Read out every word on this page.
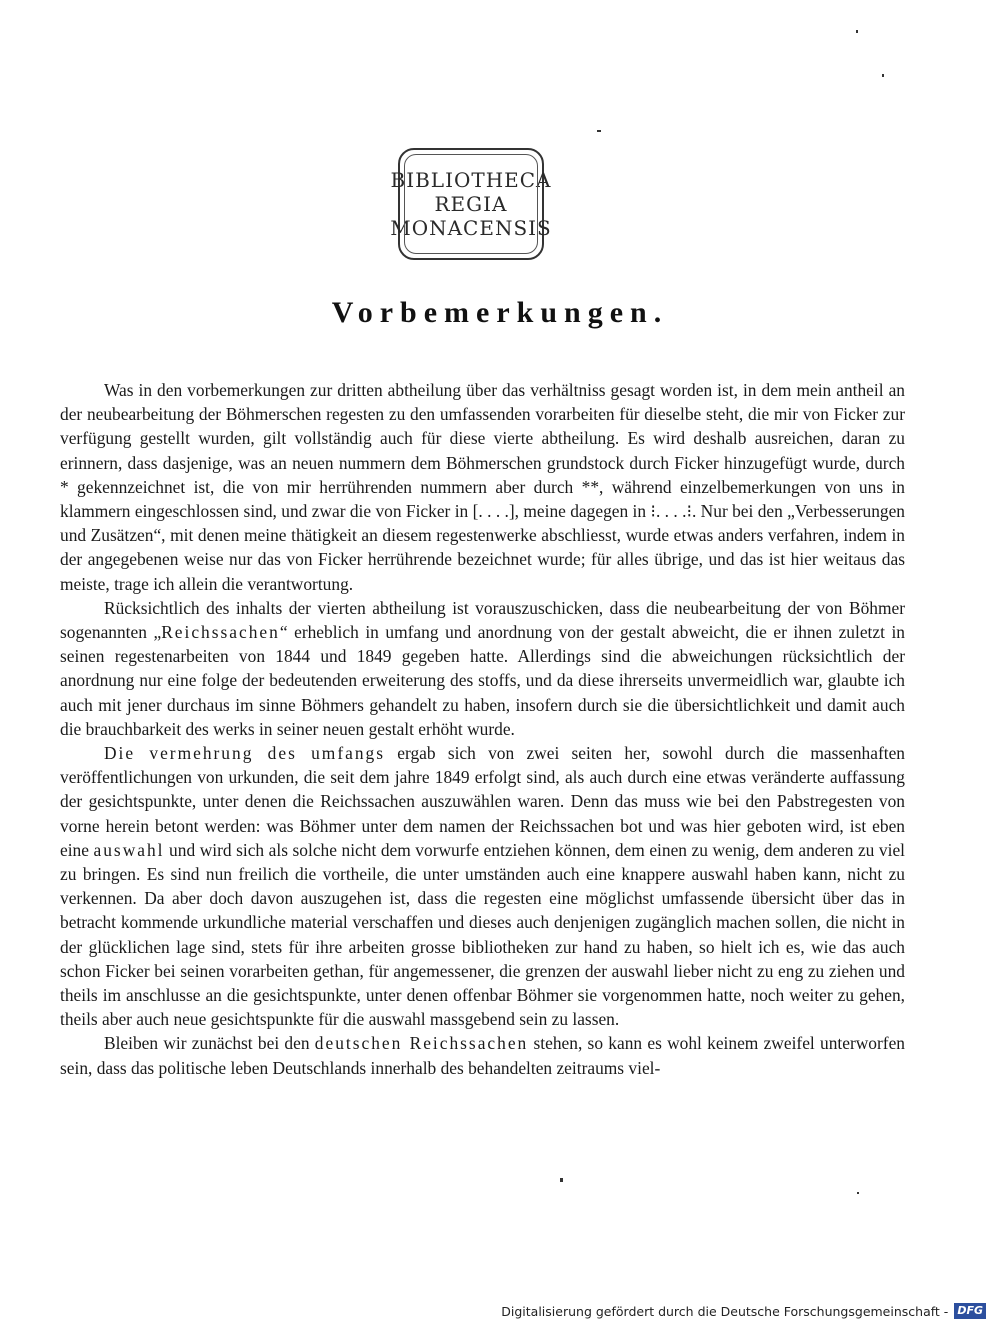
BIBLIOTHECA
REGIA
MONACENSIS
Vorbemerkungen.

Was in den vorbemerkungen zur dritten abtheilung über das verhältniss gesagt worden ist, in dem mein antheil an der neubearbeitung der Böhmerschen regesten zu den umfassenden vorarbeiten für dieselbe steht, die mir von Ficker zur verfügung gestellt wurden, gilt vollständig auch für diese vierte abtheilung. Es wird deshalb ausreichen, daran zu erinnern, dass dasjenige, was an neuen nummern dem Böhmerschen grundstock durch Ficker hinzugefügt wurde, durch * gekennzeichnet ist, die von mir herrührenden nummern aber durch **, während einzelbemerkungen von uns in klammern eingeschlossen sind, und zwar die von Ficker in [. . . .], meine dagegen in ⁝. . . .⁝. Nur bei den „Verbesserungen und Zusätzen“, mit denen meine thätigkeit an diesem regestenwerke abschliesst, wurde etwas anders verfahren, indem in der angegebenen weise nur das von Ficker herrührende bezeichnet wurde; für alles übrige, und das ist hier weitaus das meiste, trage ich allein die verantwortung.

Rücksichtlich des inhalts der vierten abtheilung ist vorauszuschicken, dass die neubearbeitung der von Böhmer sogenannten „Reichssachen“ erheblich in umfang und anordnung von der gestalt abweicht, die er ihnen zuletzt in seinen regestenarbeiten von 1844 und 1849 gegeben hatte. Allerdings sind die abweichungen rücksichtlich der anordnung nur eine folge der bedeutenden erweiterung des stoffs, und da diese ihrerseits unvermeidlich war, glaubte ich auch mit jener durchaus im sinne Böhmers gehandelt zu haben, insofern durch sie die übersichtlichkeit und damit auch die brauchbarkeit des werks in seiner neuen gestalt erhöht wurde.

Die vermehrung des umfangs ergab sich von zwei seiten her, sowohl durch die massenhaften veröffentlichungen von urkunden, die seit dem jahre 1849 erfolgt sind, als auch durch eine etwas veränderte auffassung der gesichtspunkte, unter denen die Reichssachen auszuwählen waren. Denn das muss wie bei den Pabstregesten von vorne herein betont werden: was Böhmer unter dem namen der Reichssachen bot und was hier geboten wird, ist eben eine auswahl und wird sich als solche nicht dem vorwurfe entziehen können, dem einen zu wenig, dem anderen zu viel zu bringen. Es sind nun freilich die vortheile, die unter umständen auch eine knappere auswahl haben kann, nicht zu verkennen. Da aber doch davon auszugehen ist, dass die regesten eine möglichst umfassende übersicht über das in betracht kommende urkundliche material verschaffen und dieses auch denjenigen zugänglich machen sollen, die nicht in der glücklichen lage sind, stets für ihre arbeiten grosse bibliotheken zur hand zu haben, so hielt ich es, wie das auch schon Ficker bei seinen vorarbeiten gethan, für angemessener, die grenzen der auswahl lieber nicht zu eng zu ziehen und theils im anschlusse an die gesichtspunkte, unter denen offenbar Böhmer sie vorgenommen hatte, noch weiter zu gehen, theils aber auch neue gesichtspunkte für die auswahl massgebend sein zu lassen.

Bleiben wir zunächst bei den deutschen Reichssachen stehen, so kann es wohl keinem zweifel unterworfen sein, dass das politische leben Deutschlands innerhalb des behandelten zeitraums viel-

Digitalisierung gefördert durch die Deutsche Forschungsgemeinschaft - DFG
